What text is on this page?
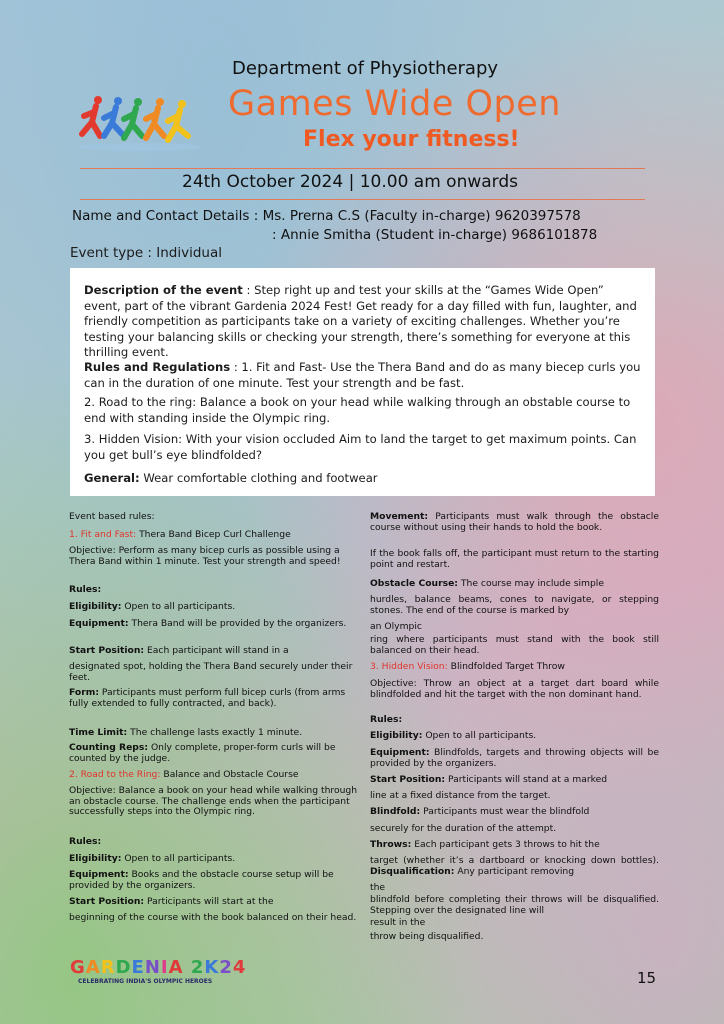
Department of Physiotherapy
Games Wide Open
Flex your fitness!
24th October 2024 | 10.00 am onwards
Name and Contact Details : Ms. Prerna C.S (Faculty in-charge) 9620397578
: Annie Smitha (Student in-charge) 9686101878
Event type : Individual

Description of the event : Step right up and test your skills at the “Games Wide Open” event, part of the vibrant Gardenia 2024 Fest! Get ready for a day filled with fun, laughter, and friendly competition as participants take on a variety of exciting challenges. Whether you’re testing your balancing skills or checking your strength, there’s something for everyone at this thrilling event.

Rules and Regulations : 1. Fit and Fast- Use the Thera Band and do as many biecep curls you can in the duration of one minute. Test your strength and be fast.

2. Road to the ring: Balance a book on your head while walking through an obstable course to end with standing inside the Olympic ring.

3. Hidden Vision: With your vision occluded Aim to land the target to get maximum points. Can you get bull’s eye blindfolded?

General: Wear comfortable clothing and footwear

Event based rules:

1. Fit and Fast: Thera Band Bicep Curl Challenge

Objective: Perform as many bicep curls as possible using a Thera Band within 1 minute. Test your strength and speed!

Rules:

Eligibility: Open to all participants.

Equipment: Thera Band will be provided by the organizers.

Start Position: Each participant will stand in a

designated spot, holding the Thera Band securely under their feet.

Form: Participants must perform full bicep curls (from arms fully extended to fully contracted, and back).

Time Limit: The challenge lasts exactly 1 minute.

Counting Reps: Only complete, proper-form curls will be counted by the judge.

2. Road to the Ring: Balance and Obstacle Course

Objective: Balance a book on your head while walking through an obstacle course. The challenge ends when the participant successfully steps into the Olympic ring.

Rules:

Eligibility: Open to all participants.

Equipment: Books and the obstacle course setup will be provided by the organizers.

Start Position: Participants will start at the

beginning of the course with the book balanced on their head.

Movement: Participants must walk through the obstacle course without using their hands to hold the book.

If the book falls off, the participant must return to the starting point and restart.

Obstacle Course: The course may include simple

hurdles, balance beams, cones to navigate, or stepping stones. The end of the course is marked by

an Olympic

ring where participants must stand with the book still balanced on their head.

3. Hidden Vision: Blindfolded Target Throw

Objective: Throw an object at a target dart board while blindfolded and hit the target with the non dominant hand.

Rules:

Eligibility: Open to all participants.

Equipment: Blindfolds, targets and throwing objects will be provided by the organizers.

Start Position: Participants will stand at a marked

line at a fixed distance from the target.

Blindfold: Participants must wear the blindfold

securely for the duration of the attempt.

Throws: Each participant gets 3 throws to hit the

target (whether it’s a dartboard or knocking down bottles). Disqualification: Any participant removing

the

blindfold before completing their throws will be disqualified. Stepping over the designated line will

result in the

throw being disqualified.

GARDENIA 2K24
CELEBRATING INDIA'S OLYMPIC HEROES	15
